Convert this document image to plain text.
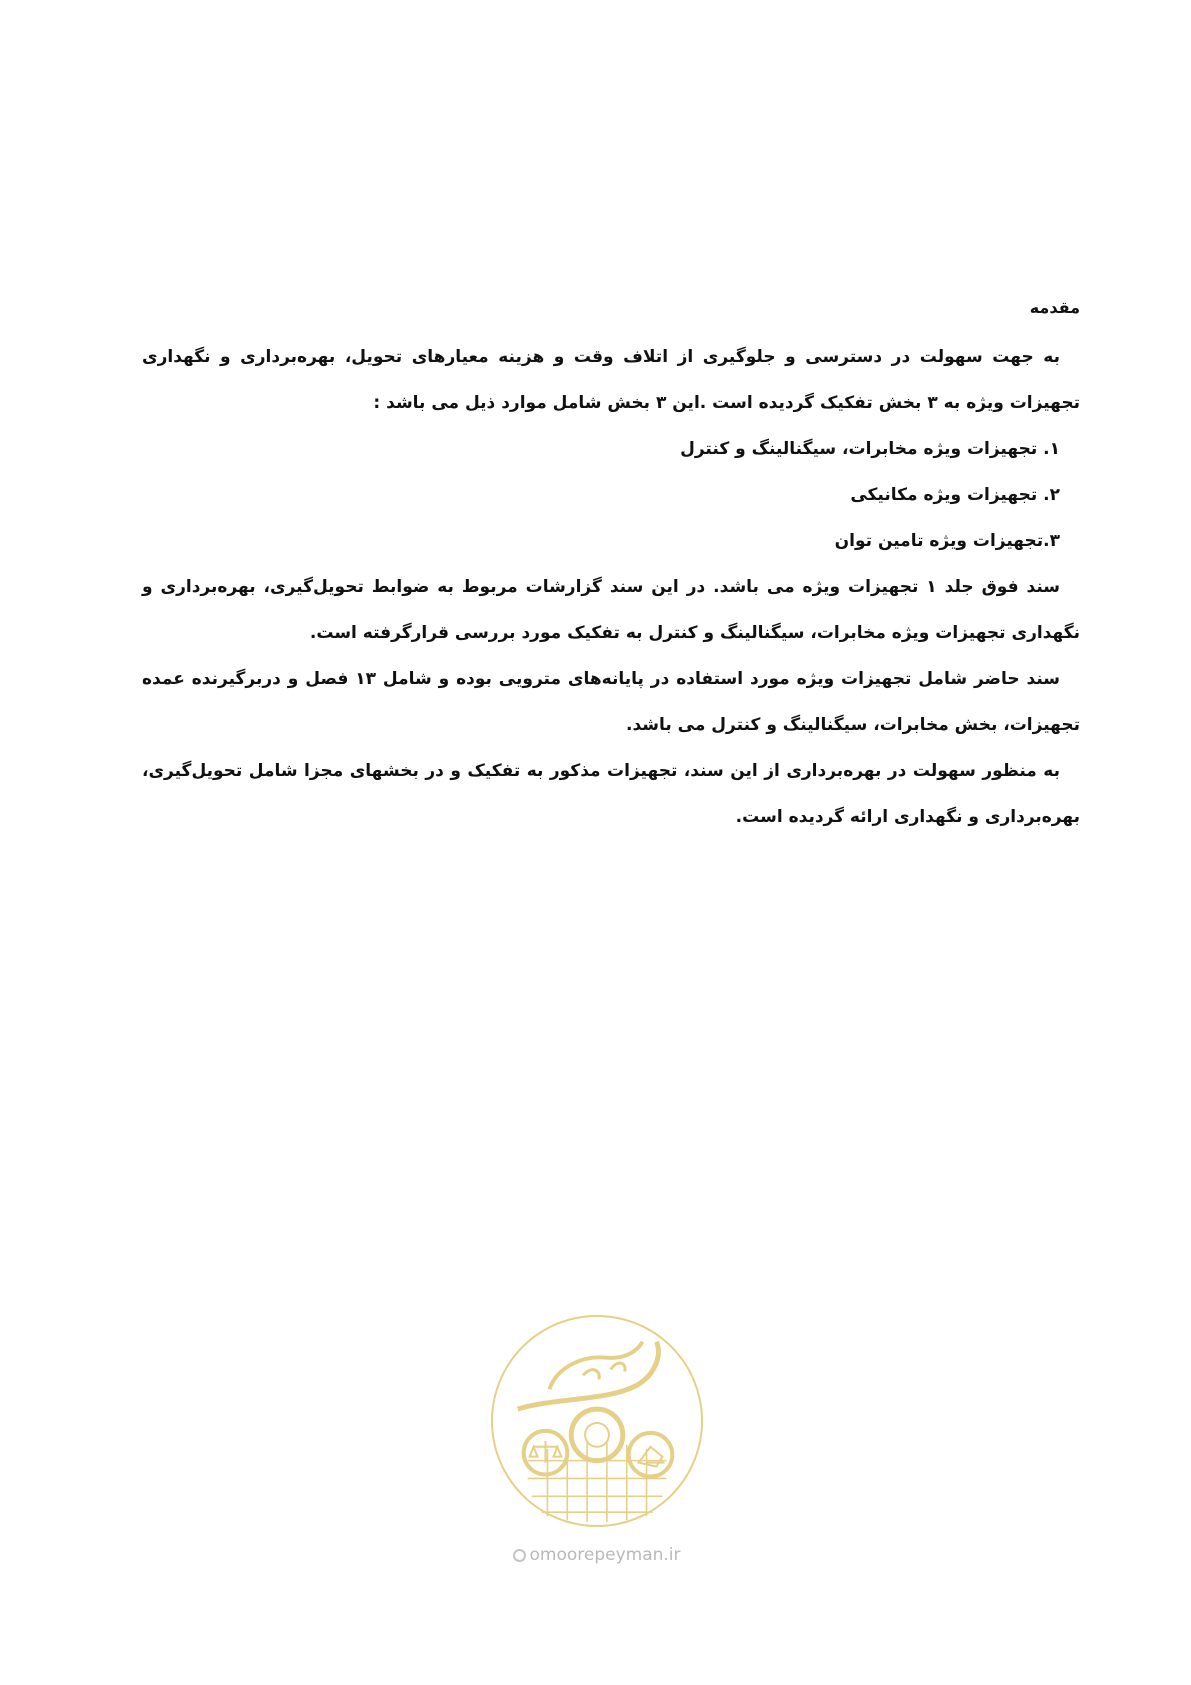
مقدمه

به جهت سهولت در دسترسی و جلوگیری از اتلاف وقت و هزینه معیارهای تحویل، بهره‌برداری و نگهداری تجهیزات ویژه به ۳ بخش تفکیک گردیده است .این ۳ بخش شامل موارد ذیل می باشد :

۱. تجهیزات ویژه مخابرات، سیگنالینگ و کنترل
۲. تجهیزات ویژه مکانیکی
۳.تجهیزات ویژه تامین توان

سند فوق جلد ۱ تجهیزات ویژه می باشد. در این سند گزارشات مربوط به ضوابط تحویل‌گیری، بهره‌برداری و نگهداری تجهیزات ویژه مخابرات، سیگنالینگ و کنترل به تفکیک مورد بررسی قرارگرفته است.

سند حاضر شامل تجهیزات ویژه مورد استفاده در پایانه‌های مترویی بوده و شامل ۱۳ فصل و دربرگیرنده عمده تجهیزات، بخش مخابرات، سیگنالینگ و کنترل می باشد.

به منظور سهولت در بهره‌برداری از این سند، تجهیزات مذکور به تفکیک و در بخشهای مجزا شامل تحویل‌گیری، بهره‌برداری و نگهداری ارائه گردیده است.

omoorepeyman.ir
